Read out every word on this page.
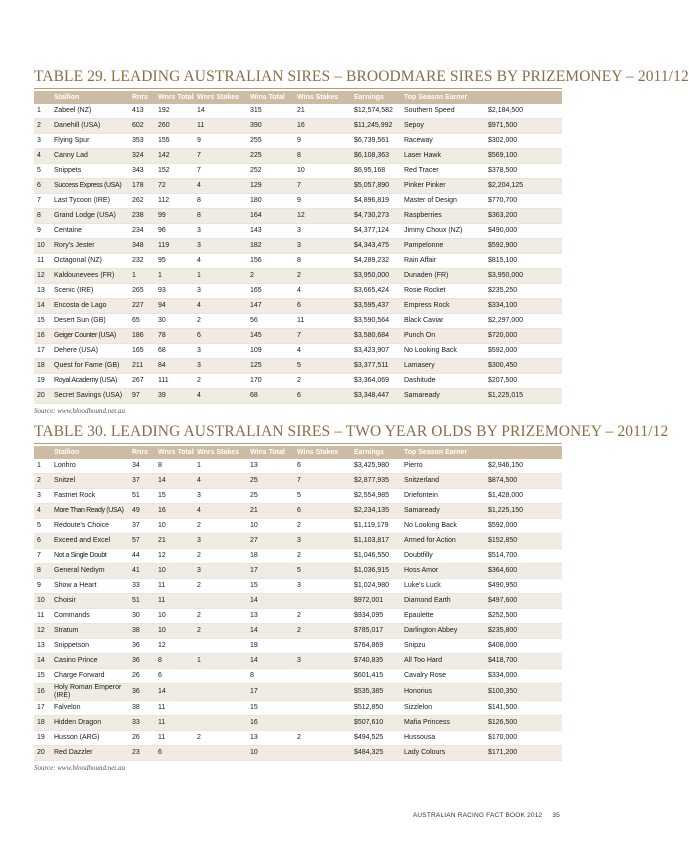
TABLE 29. LEADING AUSTRALIAN SIRES – BROODMARE SIRES BY PRIZEMONEY – 2011/12
	Stallion	Rnrs	Wnrs Total	Wnrs Stakes	Wins Total	Wins Stakes	Earnings	Top Season Earner	
1	Zabeel (NZ)	413	192	14	315	21	$12,574,582	Southern Speed	$2,184,500
2	Danehill (USA)	602	260	11	390	16	$11,245,992	Sepoy	$971,500
3	Flying Spur	353	155	9	255	9	$6,739,561	Raceway	$302,000
4	Canny Lad	324	142	7	225	8	$6,108,363	Laser Hawk	$569,100
5	Snippets	343	152	7	252	10	$6,95,168	Red Tracer	$378,500
6	Success Express (USA)	178	72	4	129	7	$5,057,890	Pinker Pinker	$2,204,125
7	Last Tycoon (IRE)	262	112	8	180	9	$4,896,819	Master of Design	$770,700
8	Grand Lodge (USA)	238	99	8	164	12	$4,730,273	Raspberries	$363,200
9	Centaine	234	96	3	143	3	$4,377,124	Jimmy Choux (NZ)	$490,000
10	Rory's Jester	348	119	3	182	3	$4,343,475	Pampelonne	$592,900
11	Octagonal (NZ)	232	95	4	156	8	$4,289,232	Rain Affair	$815,100
12	Kaldounevees (FR)	1	1	1	2	2	$3,950,000	Dunaden (FR)	$3,950,000
13	Scenic (IRE)	265	93	3	165	4	$3,665,424	Rosie Rocket	$235,250
14	Encosta de Lago	227	94	4	147	6	$3,595,437	Empress Rock	$334,100
15	Desert Sun (GB)	65	30	2	56	11	$3,590,564	Black Caviar	$2,297,000
16	Geiger Counter (USA)	186	78	6	145	7	$3,580,684	Punch On	$720,000
17	Dehere (USA)	165	68	3	109	4	$3,423,907	No Looking Back	$592,000
18	Quest for Fame (GB)	211	84	3	125	5	$3,377,511	Lamasery	$300,450
19	Royal Academy (USA)	267	111	2	170	2	$3,364,069	Dashitude	$207,500
20	Secret Savings (USA)	97	39	4	68	6	$3,348,447	Samaready	$1,225,015
Source: www.bloodhound.net.au
TABLE 30. LEADING AUSTRALIAN SIRES – TWO YEAR OLDS BY PRIZEMONEY – 2011/12
	Stallion	Rnrs	Wnrs Total	Wnrs Stakes	Wins Total	Wins Stakes	Earnings	Top Season Earner	
1	Lonhro	34	8	1	13	6	$3,425,980	Pierro	$2,946,150
2	Snitzel	37	14	4	25	7	$2,877,935	Snitzerland	$874,500
3	Fastnet Rock	51	15	3	25	5	$2,554,985	Driefontein	$1,428,000
4	More Than Ready (USA)	49	16	4	21	6	$2,234,135	Samaready	$1,225,150
5	Redoute's Choice	37	10	2	10	2	$1,119,179	No Looking Back	$592,000
6	Exceed and Excel	57	21	3	27	3	$1,103,817	Armed for Action	$152,850
7	Not a Single Doubt	44	12	2	18	2	$1,046,550	Doubtfilly	$514,700
8	General Nediym	41	10	3	17	5	$1,036,915	Hoss Amor	$364,600
9	Show a Heart	33	11	2	15	3	$1,024,980	Luke's Luck	$490,950
10	Choisir	51	11		14		$972,001	Diamond Earth	$497,600
11	Commands	30	10	2	13	2	$934,095	Epaulette	$252,500
12	Stratum	38	10	2	14	2	$785,017	Darlington Abbey	$235,800
13	Snippetson	36	12		19		$764,869	Snipzu	$408,000
14	Casino Prince	36	8	1	14	3	$740,835	All Too Hard	$418,700
15	Charge Forward	26	6		8		$601,415	Cavalry Rose	$334,000
16	Holy Roman Emperor (IRE)	36	14		17		$535,385	Honorius	$100,350
17	Falvelon	38	11		15		$512,850	Sizzlelon	$141,500
18	Hidden Dragon	33	11		16		$507,610	Mafia Princess	$126,500
19	Husson (ARG)	26	11	2	13	2	$494,525	Hussousa	$170,000
20	Red Dazzler	23	6		10		$484,325	Lady Colours	$171,200
Source: www.bloodhound.net.au
AUSTRALIAN RACING FACT BOOK 2012 35
